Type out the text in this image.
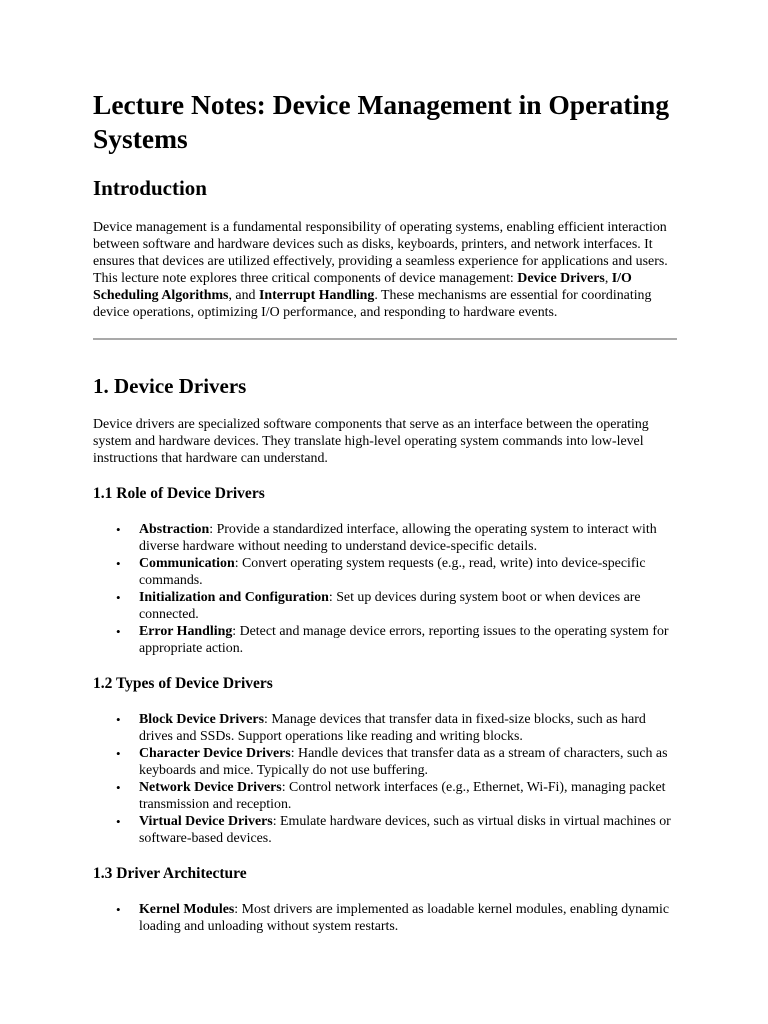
Lecture Notes: Device Management in Operating Systems
Introduction

Device management is a fundamental responsibility of operating systems, enabling efficient interaction between software and hardware devices such as disks, keyboards, printers, and network interfaces. It ensures that devices are utilized effectively, providing a seamless experience for applications and users. This lecture note explores three critical components of device management: Device Drivers, I/O Scheduling Algorithms, and Interrupt Handling. These mechanisms are essential for coordinating device operations, optimizing I/O performance, and responding to hardware events.

1. Device Drivers

Device drivers are specialized software components that serve as an interface between the operating system and hardware devices. They translate high-level operating system commands into low-level instructions that hardware can understand.

1.1 Role of Device Drivers
• Abstraction: Provide a standardized interface, allowing the operating system to interact with diverse hardware without needing to understand device-specific details.
• Communication: Convert operating system requests (e.g., read, write) into device-specific commands.
• Initialization and Configuration: Set up devices during system boot or when devices are connected.
• Error Handling: Detect and manage device errors, reporting issues to the operating system for appropriate action.
1.2 Types of Device Drivers
• Block Device Drivers: Manage devices that transfer data in fixed-size blocks, such as hard drives and SSDs. Support operations like reading and writing blocks.
• Character Device Drivers: Handle devices that transfer data as a stream of characters, such as keyboards and mice. Typically do not use buffering.
• Network Device Drivers: Control network interfaces (e.g., Ethernet, Wi-Fi), managing packet transmission and reception.
• Virtual Device Drivers: Emulate hardware devices, such as virtual disks in virtual machines or software-based devices.
1.3 Driver Architecture
• Kernel Modules: Most drivers are implemented as loadable kernel modules, enabling dynamic loading and unloading without system restarts.
